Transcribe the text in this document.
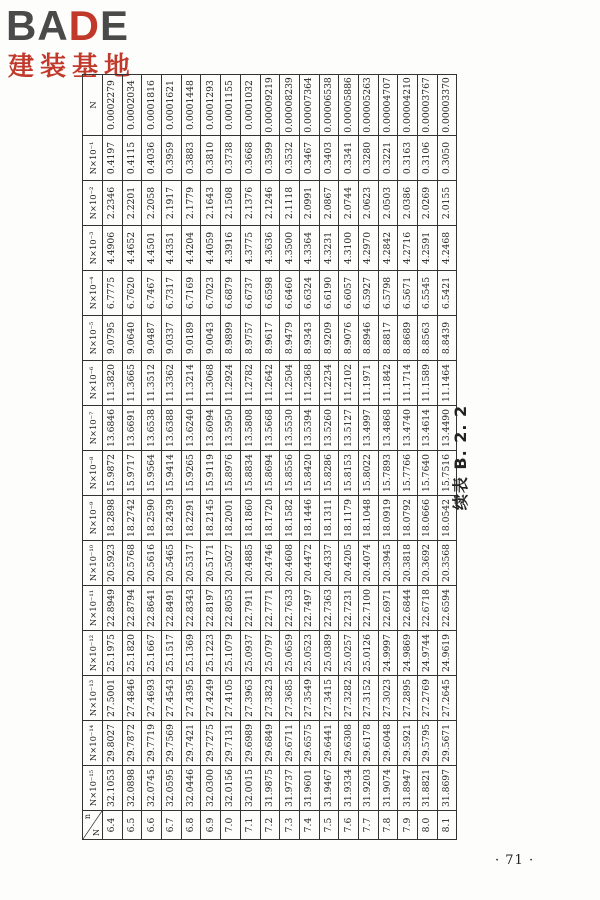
BADE
建装基地
n
N	N×10⁻¹⁵	N×10⁻¹⁴	N×10⁻¹³	N×10⁻¹²	N×10⁻¹¹	N×10⁻¹⁰	N×10⁻⁹	N×10⁻⁸	N×10⁻⁷	N×10⁻⁶	N×10⁻⁵	N×10⁻⁴	N×10⁻³	N×10⁻²	N×10⁻¹	N
6.4	32.1053	29.8027	27.5001	25.1975	22.8949	20.5923	18.2898	15.9872	13.6846	11.3820	9.0795	6.7775	4.4906	2.2346	0.4197	0.0002279
6.5	32.0898	29.7872	27.4846	25.1820	22.8794	20.5768	18.2742	15.9717	13.6691	11.3665	9.0640	6.7620	4.4652	2.2201	0.4115	0.0002034
6.6	32.0745	29.7719	27.4693	25.1667	22.8641	20.5616	18.2590	15.9564	13.6538	11.3512	9.0487	6.7467	4.4501	2.2058	0.4036	0.0001816
6.7	32.0595	29.7569	27.4543	25.1517	22.8491	20.5465	18.2439	15.9414	13.6388	11.3362	9.0337	6.7317	4.4351	2.1917	0.3959	0.0001621
6.8	32.0446	29.7421	27.4395	25.1369	22.8343	20.5317	18.2291	15.9265	13.6240	11.3214	9.0189	6.7169	4.4204	2.1779	0.3883	0.0001448
6.9	32.0300	29.7275	27.4249	25.1223	22.8197	20.5171	18.2145	15.9119	13.6094	11.3068	9.0043	6.7023	4.4059	2.1643	0.3810	0.0001293
7.0	32.0156	29.7131	27.4105	25.1079	22.8053	20.5027	18.2001	15.8976	13.5950	11.2924	8.9899	6.6879	4.3916	2.1508	0.3738	0.0001155
7.1	32.0015	29.6989	27.3963	25.0937	22.7911	20.4885	18.1860	15.8834	13.5808	11.2782	8.9757	6.6737	4.3775	2.1376	0.3668	0.0001032
7.2	31.9875	29.6849	27.3823	25.0797	22.7771	20.4746	18.1720	15.8694	13.5668	11.2642	8.9617	6.6598	4.3636	2.1246	0.3599	0.00009219
7.3	31.9737	29.6711	27.3685	25.0659	22.7633	20.4608	18.1582	15.8556	13.5530	11.2504	8.9479	6.6460	4.3500	2.1118	0.3532	0.00008239
7.4	31.9601	29.6575	27.3549	25.0523	22.7497	20.4472	18.1446	15.8420	13.5394	11.2368	8.9343	6.6324	4.3364	2.0991	0.3467	0.00007364
7.5	31.9467	29.6441	27.3415	25.0389	22.7363	20.4337	18.1311	15.8286	13.5260	11.2234	8.9209	6.6190	4.3231	2.0867	0.3403	0.00006538
7.6	31.9334	29.6308	27.3282	25.0257	22.7231	20.4205	18.1179	15.8153	13.5127	11.2102	8.9076	6.6057	4.3100	2.0744	0.3341	0.00005886
7.7	31.9203	29.6178	27.3152	25.0126	22.7100	20.4074	18.1048	15.8022	13.4997	11.1971	8.8946	6.5927	4.2970	2.0623	0.3280	0.00005263
7.8	31.9074	29.6048	27.3023	24.9997	22.6971	20.3945	18.0919	15.7893	13.4868	11.1842	8.8817	6.5798	4.2842	2.0503	0.3221	0.00004707
7.9	31.8947	29.5921	27.2895	24.9869	22.6844	20.3818	18.0792	15.7766	13.4740	11.1714	8.8689	6.5671	4.2716	2.0386	0.3163	0.00004210
8.0	31.8821	29.5795	27.2769	24.9744	22.6718	20.3692	18.0666	15.7640	13.4614	11.1589	8.8563	6.5545	4.2591	2.0269	0.3106	0.00003767
8.1	31.8697	29.5671	27.2645	24.9619	22.6594	20.3568	18.0542	15.7516	13.4490	11.1464	8.8439	6.5421	4.2468	2.0155	0.3050	0.00003370
续表 B. 2. 2
· 71 ·
